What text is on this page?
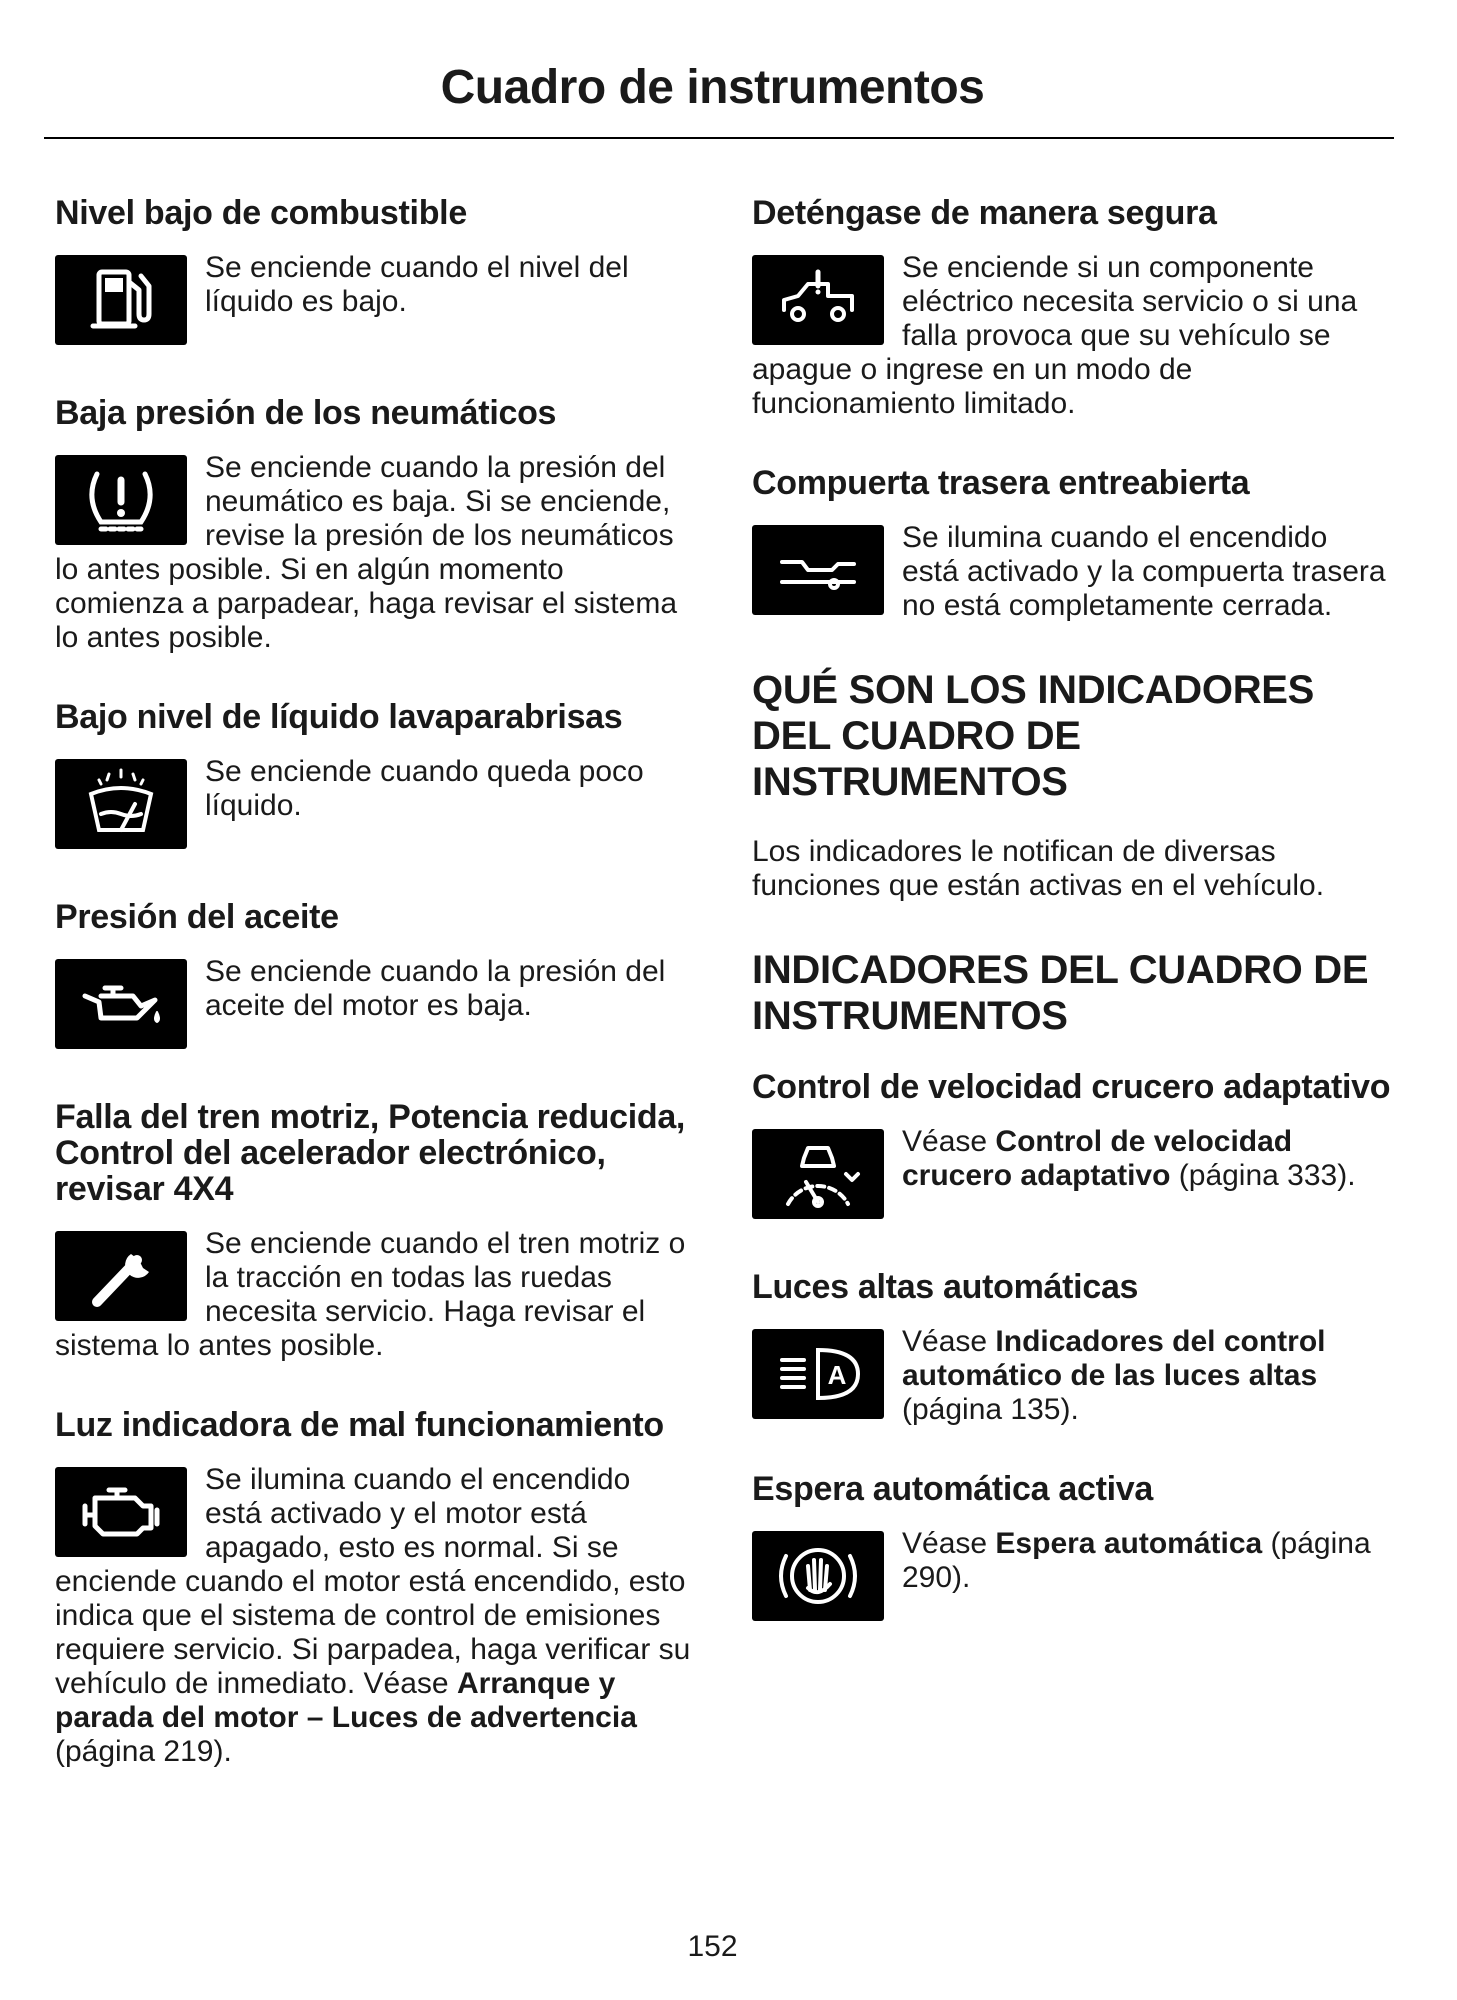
Cuadro de instrumentos
Nivel bajo de combustible
Se enciende cuando el nivel del líquido es bajo.
Baja presión de los neumáticos
Se enciende cuando la presión del neumático es baja. Si se enciende, revise la presión de los neumáticos lo antes posible. Si en algún momento comienza a parpadear, haga revisar el sistema lo antes posible.
Bajo nivel de líquido lavaparabrisas
Se enciende cuando queda poco líquido.
Presión del aceite
Se enciende cuando la presión del aceite del motor es baja.
Falla del tren motriz, Potencia reducida, Control del acelerador electrónico, revisar 4X4
Se enciende cuando el tren motriz o la tracción en todas las ruedas necesita servicio. Haga revisar el sistema lo antes posible.
Luz indicadora de mal funcionamiento
Se ilumina cuando el encendido está activado y el motor está apagado, esto es normal. Si se enciende cuando el motor está encendido, esto indica que el sistema de control de emisiones requiere servicio. Si parpadea, haga verificar su vehículo de inmediato. Véase Arranque y parada del motor – Luces de advertencia (página 219).
Deténgase de manera segura
Se enciende si un componente eléctrico necesita servicio o si una falla provoca que su vehículo se apague o ingrese en un modo de funcionamiento limitado.
Compuerta trasera entreabierta
Se ilumina cuando el encendido está activado y la compuerta trasera no está completamente cerrada.
QUÉ SON LOS INDICADORES DEL CUADRO DE INSTRUMENTOS

Los indicadores le notifican de diversas funciones que están activas en el vehículo.

INDICADORES DEL CUADRO DE INSTRUMENTOS
Control de velocidad crucero adaptativo
Véase Control de velocidad crucero adaptativo (página 333).
Luces altas automáticas
A
Véase Indicadores del control automático de las luces altas (página 135).
Espera automática activa
Véase Espera automática (página 290).
152
